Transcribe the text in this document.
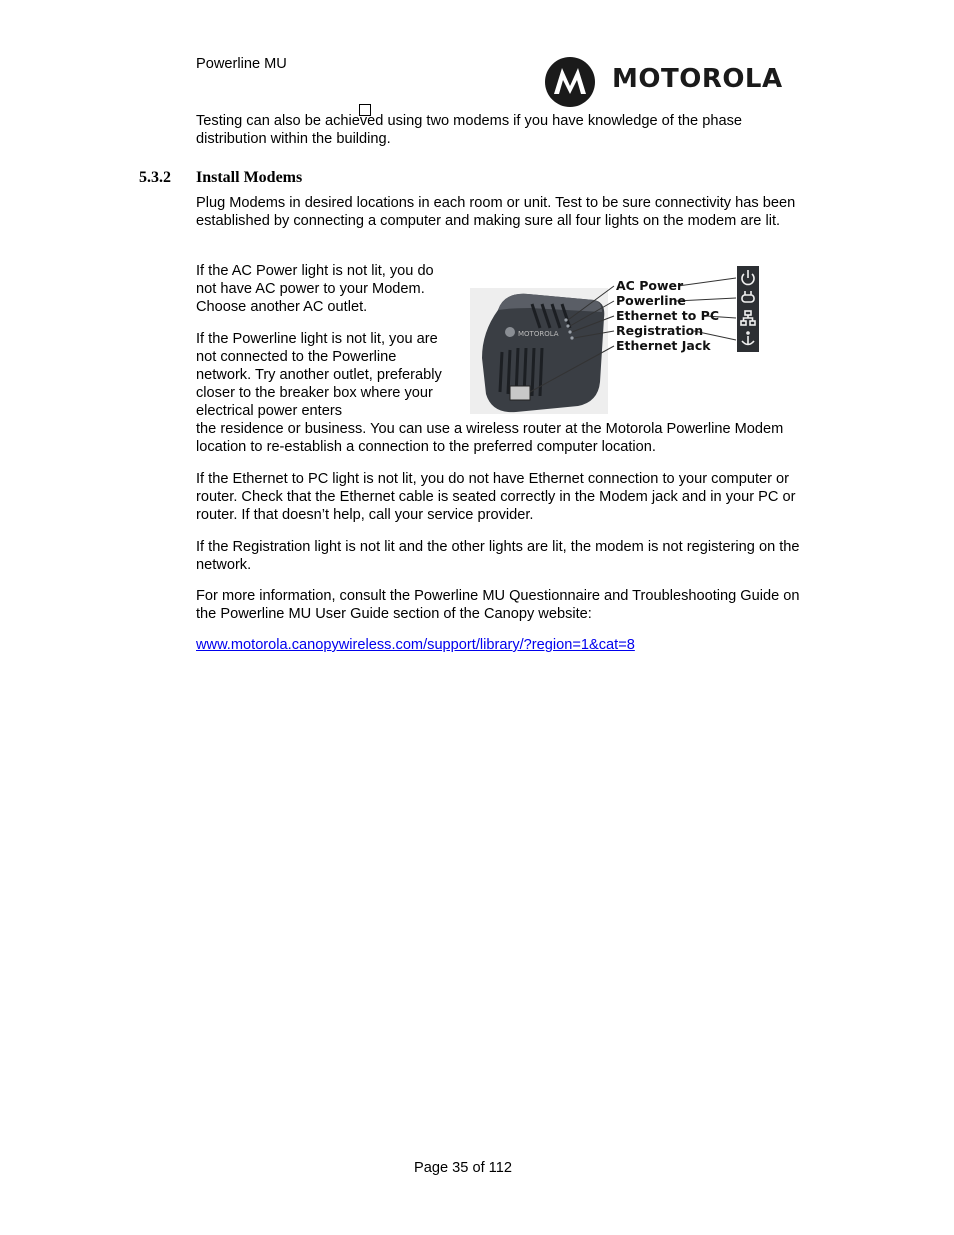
Powerline MU	MOTOROLA
Testing can also be achieved using two modems if you have knowledge of the phase distribution within the building.
5.3.2 Install Modems
Plug Modems in desired locations in each room or unit. Test to be sure connectivity has been established by connecting a computer and making sure all four lights on the modem are lit.
If the AC Power light is not lit, you do not have AC power to your Modem. Choose another AC outlet.
If the Powerline light is not lit, you are not connected to the Powerline network. Try another outlet, preferably closer to the breaker box where your electrical power enters
the residence or business. You can use a wireless router at the Motorola Powerline Modem location to re-establish a connection to the preferred computer location.
MOTOROLA
AC Power
Powerline
Ethernet to PC
Registration
Ethernet Jack
If the Ethernet to PC light is not lit, you do not have Ethernet connection to your computer or router. Check that the Ethernet cable is seated correctly in the Modem jack and in your PC or router. If that doesn’t help, call your service provider.
If the Registration light is not lit and the other lights are lit, the modem is not registering on the network.
For more information, consult the Powerline MU Questionnaire and Troubleshooting Guide on the Powerline MU User Guide section of the Canopy website:
www.motorola.canopywireless.com/support/library/?region=1&cat=8
Page 35 of 112
